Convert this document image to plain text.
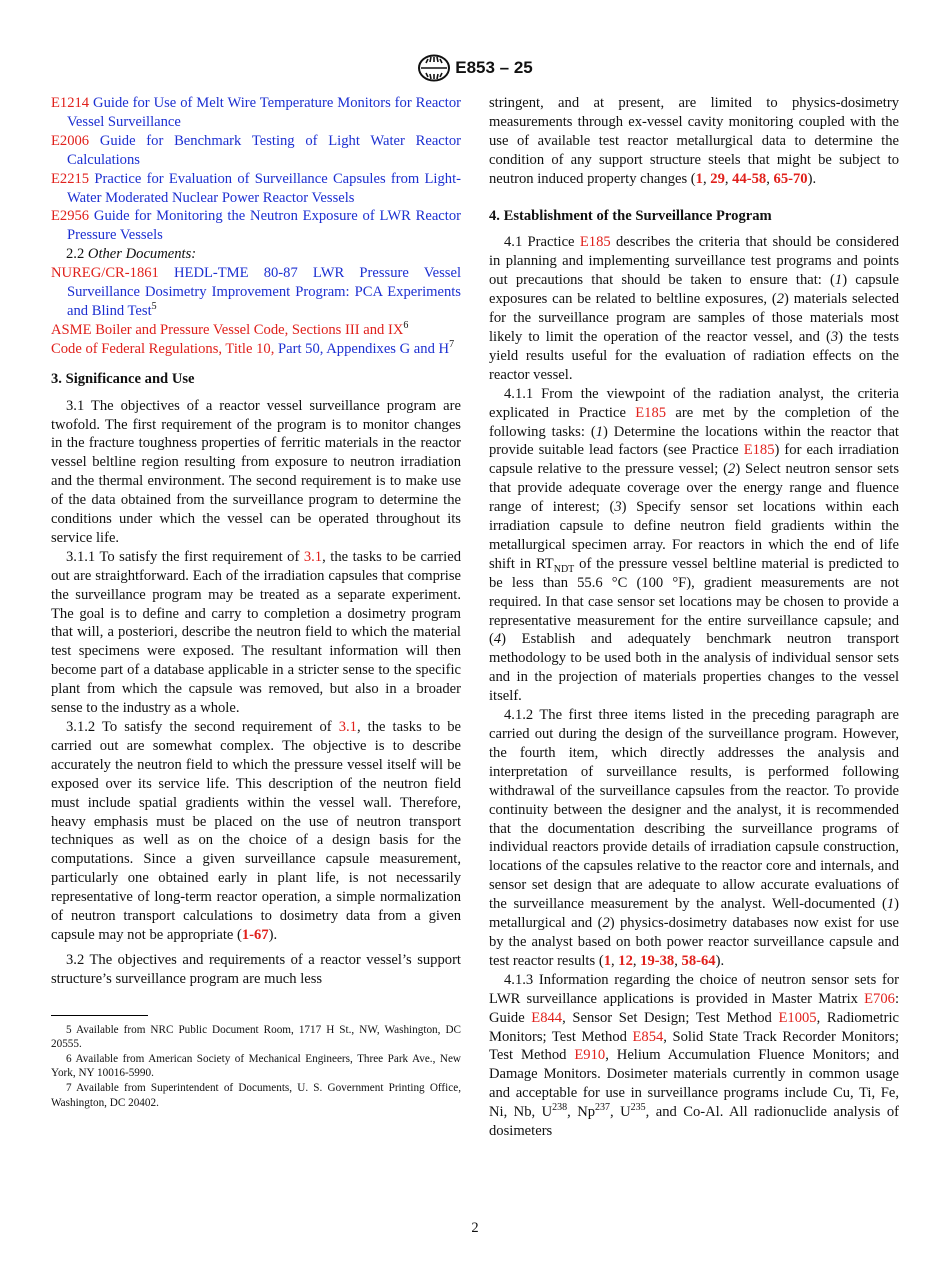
E853 – 25

E1214 Guide for Use of Melt Wire Temperature Monitors for Reactor Vessel Surveillance

E2006 Guide for Benchmark Testing of Light Water Reactor Calculations

E2215 Practice for Evaluation of Surveillance Capsules from Light-Water Moderated Nuclear Power Reactor Vessels

E2956 Guide for Monitoring the Neutron Exposure of LWR Reactor Pressure Vessels

2.2 Other Documents:

NUREG/CR-1861 HEDL-TME 80-87 LWR Pressure Vessel Surveillance Dosimetry Improvement Program: PCA Experiments and Blind Test$^5$

ASME Boiler and Pressure Vessel Code, Sections III and $IX^6$

Code of Federal Regulations, Title 10, Part 50, Appendixes G and $H^7$

3. Significance and Use

3.1 The objectives of a reactor vessel surveillance program are twofold. The first requirement of the program is to monitor changes in the fracture toughness properties of ferritic materials in the reactor vessel beltline region resulting from exposure to neutron irradiation and the thermal environment. The second requirement is to make use of the data obtained from the surveillance program to determine the conditions under which the vessel can be operated throughout its service life.

3.1.1 To satisfy the first requirement of 3.1, the tasks to be carried out are straightforward. Each of the irradiation capsules that comprise the surveillance program may be treated as a separate experiment. The goal is to define and carry to completion a dosimetry program that will, a posteriori, describe the neutron field to which the material test specimens were exposed. The resultant information will then become part of a database applicable in a stricter sense to the specific plant from which the capsule was removed, but also in a broader sense to the industry as a whole.

3.1.2 To satisfy the second requirement of 3.1, the tasks to be carried out are somewhat complex. The objective is to describe accurately the neutron field to which the pressure vessel itself will be exposed over its service life. This description of the neutron field must include spatial gradients within the vessel wall. Therefore, heavy emphasis must be placed on the use of neutron transport techniques as well as on the choice of a design basis for the computations. Since a given surveillance capsule measurement, particularly one obtained early in plant life, is not necessarily representative of long-term reactor operation, a simple normalization of neutron transport calculations to dosimetry data from a given capsule may not be appropriate (1-67).

3.2 The objectives and requirements of a reactor vessel’s support structure’s surveillance program are much less

5 Available from NRC Public Document Room, 1717 H St., NW, Washington, DC 20555.

6 Available from American Society of Mechanical Engineers, Three Park Ave., New York, NY 10016-5990.

7 Available from Superintendent of Documents, U. S. Government Printing Office, Washington, DC 20402.

stringent, and at present, are limited to physics-dosimetry measurements through ex-vessel cavity monitoring coupled with the use of available test reactor metallurgical data to determine the condition of any support structure steels that might be subject to neutron induced property changes (1, 29, 44-58, 65-70).

4. Establishment of the Surveillance Program

4.1 Practice E185 describes the criteria that should be considered in planning and implementing surveillance test programs and points out precautions that should be taken to ensure that: (1) capsule exposures can be related to beltline exposures, (2) materials selected for the surveillance program are samples of those materials most likely to limit the operation of the reactor vessel, and (3) the tests yield results useful for the evaluation of radiation effects on the reactor vessel.

4.1.1 From the viewpoint of the radiation analyst, the criteria explicated in Practice E185 are met by the completion of the following tasks: (1) Determine the locations within the reactor that provide suitable lead factors (see Practice E185) for each irradiation capsule relative to the pressure vessel; (2) Select neutron sensor sets that provide adequate coverage over the energy range and fluence range of interest; (3) Specify sensor set locations within each irradiation capsule to define neutron field gradients within the metallurgical specimen array. For reactors in which the end of life shift in $RT_{NDT}$ of the pressure vessel beltline material is predicted to be less than 55.6 °C (100 °F), gradient measurements are not required. In that case sensor set locations may be chosen to provide a representative measurement for the entire surveillance capsule; and (4) Establish and adequately benchmark neutron transport methodology to be used both in the analysis of individual sensor sets and in the projection of materials properties changes to the vessel itself.

4.1.2 The first three items listed in the preceding paragraph are carried out during the design of the surveillance program. However, the fourth item, which directly addresses the analysis and interpretation of surveillance results, is performed following withdrawal of the surveillance capsules from the reactor. To provide continuity between the designer and the analyst, it is recommended that the documentation describing the surveillance programs of individual reactors provide details of irradiation capsule construction, locations of the capsules relative to the reactor core and internals, and sensor set design that are adequate to allow accurate evaluations of the surveillance measurement by the analyst. Well-documented (1) metallurgical and (2) physics-dosimetry databases now exist for use by the analyst based on both power reactor surveillance capsule and test reactor results (1, 12, 19-38, 58-64).

4.1.3 Information regarding the choice of neutron sensor sets for LWR surveillance applications is provided in Master Matrix E706: Guide E844, Sensor Set Design; Test Method E1005, Radiometric Monitors; Test Method E854, Solid State Track Recorder Monitors; Test Method E910, Helium Accumulation Fluence Monitors; and Damage Monitors. Dosimeter materials currently in common usage and acceptable for use in surveillance programs include Cu, Ti, Fe, Ni, Nb, $U^{238}$, Np$^{237}$, $U^{235}$, and Co-Al. All radionuclide analysis of dosimeters

2
